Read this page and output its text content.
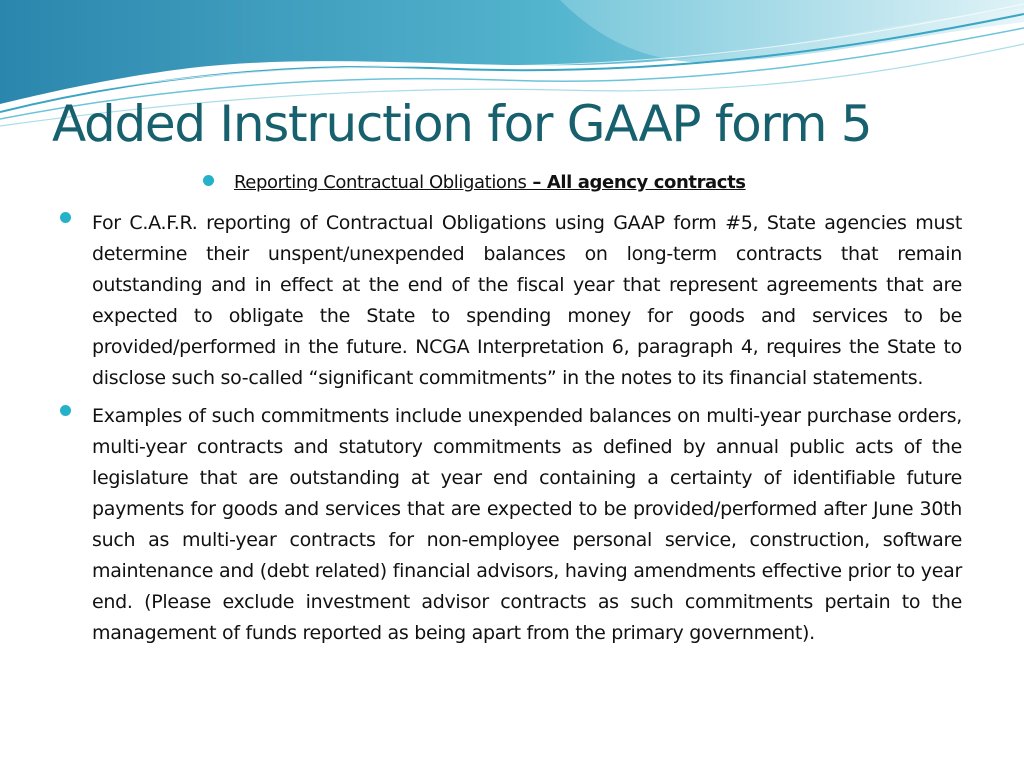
Added Instruction for GAAP form 5
Reporting Contractual Obligations – All agency contracts

For C.A.F.R. reporting of Contractual Obligations using GAAP form #5, State agencies must determine their unspent/unexpended balances on long-term contracts that remain outstanding and in effect at the end of the fiscal year that represent agreements that are expected to obligate the State to spending money for goods and services to be provided/performed in the future. NCGA Interpretation 6, paragraph 4, requires the State to disclose such so-called “significant commitments” in the notes to its financial statements.

Examples of such commitments include unexpended balances on multi-year purchase orders, multi-year contracts and statutory commitments as defined by annual public acts of the legislature that are outstanding at year end containing a certainty of identifiable future payments for goods and services that are expected to be provided/performed after June 30th such as multi-year contracts for non-employee personal service, construction, software maintenance and (debt related) financial advisors, having amendments effective prior to year end. (Please exclude investment advisor contracts as such commitments pertain to the management of funds reported as being apart from the primary government).
